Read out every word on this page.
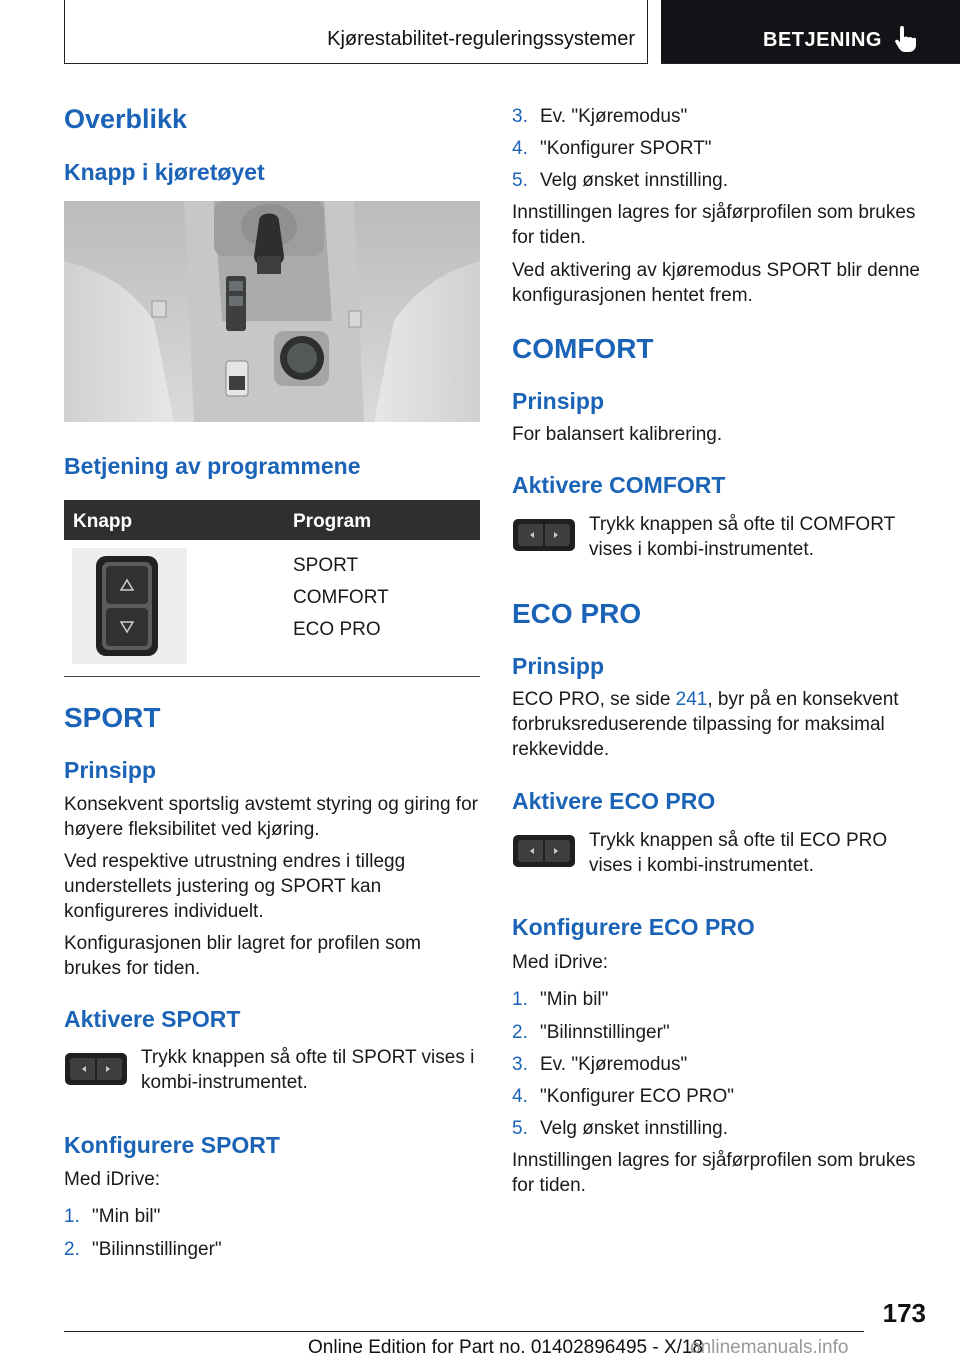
Kjørestabilitet-reguleringssystemer	BETJENING
Overblikk
Knapp i kjøretøyet
Betjening av programmene
Knapp	Program
SPORT
COMFORT
ECO PRO
SPORT
Prinsipp

Konsekvent sportslig avstemt styring og giring for høyere fleksibilitet ved kjøring.

Ved respektive utrustning endres i tillegg understellets justering og SPORT kan konfigureres individuelt.

Konfigurasjonen blir lagret for profilen som brukes for tiden.

Aktivere SPORT

Trykk knappen så ofte til SPORT vises i kombi-instrumentet.

Konfigurere SPORT

Med iDrive:

1. "Min bil"

2. "Bilinnstillinger"

3. Ev. "Kjøremodus"

4. "Konfigurer SPORT"

5. Velg ønsket innstilling.

Innstillingen lagres for sjåførprofilen som brukes for tiden.

Ved aktivering av kjøremodus SPORT blir denne konfigurasjonen hentet frem.

COMFORT
Prinsipp

For balansert kalibrering.

Aktivere COMFORT

Trykk knappen så ofte til COMFORT vises i kombi-instrumentet.

ECO PRO
Prinsipp

ECO PRO, se side 241, byr på en konsekvent forbruksreduserende tilpassing for maksimal rekkevidde.

Aktivere ECO PRO

Trykk knappen så ofte til ECO PRO vises i kombi-instrumentet.

Konfigurere ECO PRO

Med iDrive:

1. "Min bil"

2. "Bilinnstillinger"

3. Ev. "Kjøremodus"

4. "Konfigurer ECO PRO"

5. Velg ønsket innstilling.

Innstillingen lagres for sjåførprofilen som brukes for tiden.

173
Online Edition for Part no. 01402896495 - X/18
onlinemanuals.info
